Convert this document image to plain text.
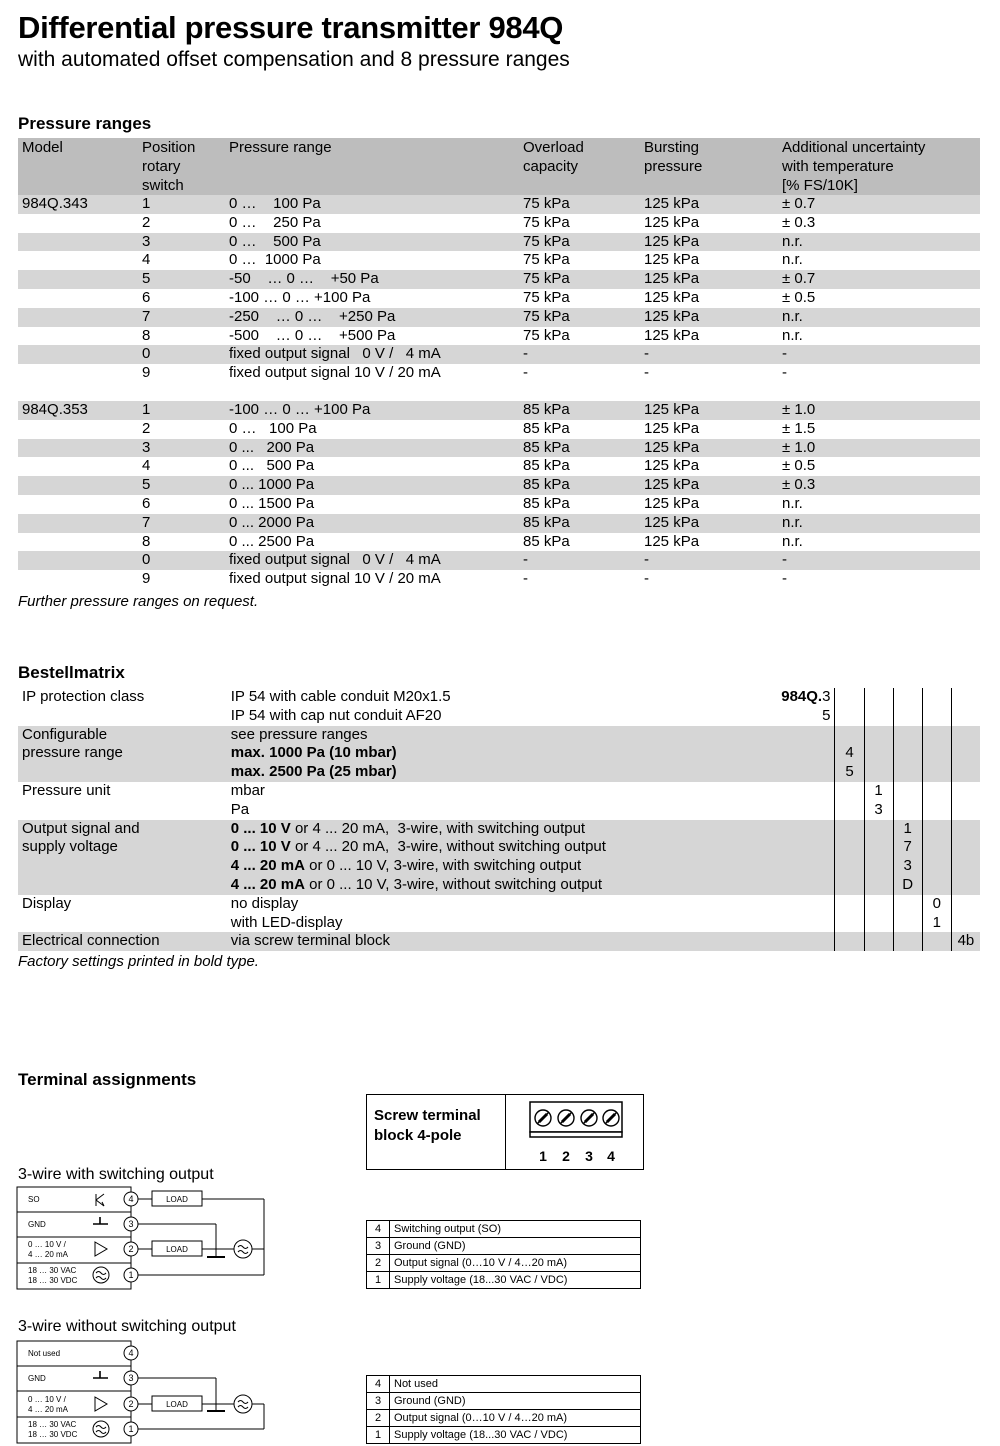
Differential pressure transmitter 984Q
with automated offset compensation and 8 pressure ranges
Pressure ranges
Model	Position
rotary
switch	Pressure range	Overload
capacity	Bursting
pressure	Additional uncertainty
with temperature
[% FS/10K]
984Q.343	1	0 …    100 Pa	75 kPa	125 kPa	± 0.7
	2	0 …    250 Pa	75 kPa	125 kPa	± 0.3
	3	0 …    500 Pa	75 kPa	125 kPa	n.r.
	4	0 …  1000 Pa	75 kPa	125 kPa	n.r.
	5	-50    … 0 …    +50 Pa	75 kPa	125 kPa	± 0.7
	6	-100 … 0 … +100 Pa	75 kPa	125 kPa	± 0.5
	7	-250    … 0 …    +250 Pa	75 kPa	125 kPa	n.r.
	8	-500    … 0 …    +500 Pa	75 kPa	125 kPa	n.r.
	0	fixed output signal   0 V /   4 mA	-	-	-
	9	fixed output signal 10 V / 20 mA	-	-	-

984Q.353	1	-100 … 0 … +100 Pa	85 kPa	125 kPa	± 1.0
	2	0 …   100 Pa	85 kPa	125 kPa	± 1.5
	3	0 ...   200 Pa	85 kPa	125 kPa	± 1.0
	4	0 ...   500 Pa	85 kPa	125 kPa	± 0.5
	5	0 ... 1000 Pa	85 kPa	125 kPa	± 0.3
	6	0 ... 1500 Pa	85 kPa	125 kPa	n.r.
	7	0 ... 2000 Pa	85 kPa	125 kPa	n.r.
	8	0 ... 2500 Pa	85 kPa	125 kPa	n.r.
	0	fixed output signal   0 V /   4 mA	-	-	-
	9	fixed output signal 10 V / 20 mA	-	-	-
Further pressure ranges on request.
Bestellmatrix
IP protection class	IP 54 with cable conduit M20x1.5	984Q.3					
	IP 54 with cap nut conduit AF20	5					
Configurable	see pressure ranges						
pressure range	max. 1000 Pa (10 mbar)		4				
	max. 2500 Pa (25 mbar)		5				
Pressure unit	mbar			1			
	Pa			3			
Output signal and	0 ... 10 V or 4 ... 20 mA,  3-wire, with switching output				1		
supply voltage	0 ... 10 V or 4 ... 20 mA,  3-wire, without switching output				7		
	4 ... 20 mA or 0 ... 10 V, 3-wire, with switching output				3		
	4 ... 20 mA or 0 ... 10 V, 3-wire, without switching output				D		
Display	no display					0	
	with LED-display					1	
Electrical connection	via screw terminal block						4b
Factory settings printed in bold type.
Terminal assignments
Screw terminal block 4-pole
1 2 3 4
3-wire with switching output
SO
GND
0 … 10 V /
4 … 20 mA
18 … 30 VAC
18 … 30 VDC
LOAD
LOAD
4
3
2
1
4	Switching output (SO)
3	Ground (GND)
2	Output signal (0…10 V / 4…20 mA)
1	Supply voltage (18...30 VAC / VDC)
3-wire without switching output
Not used
GND
0 … 10 V /
4 … 20 mA
18 … 30 VAC
18 … 30 VDC
LOAD
4
3
2
1
4	Not used
3	Ground (GND)
2	Output signal (0…10 V / 4…20 mA)
1	Supply voltage (18...30 VAC / VDC)
